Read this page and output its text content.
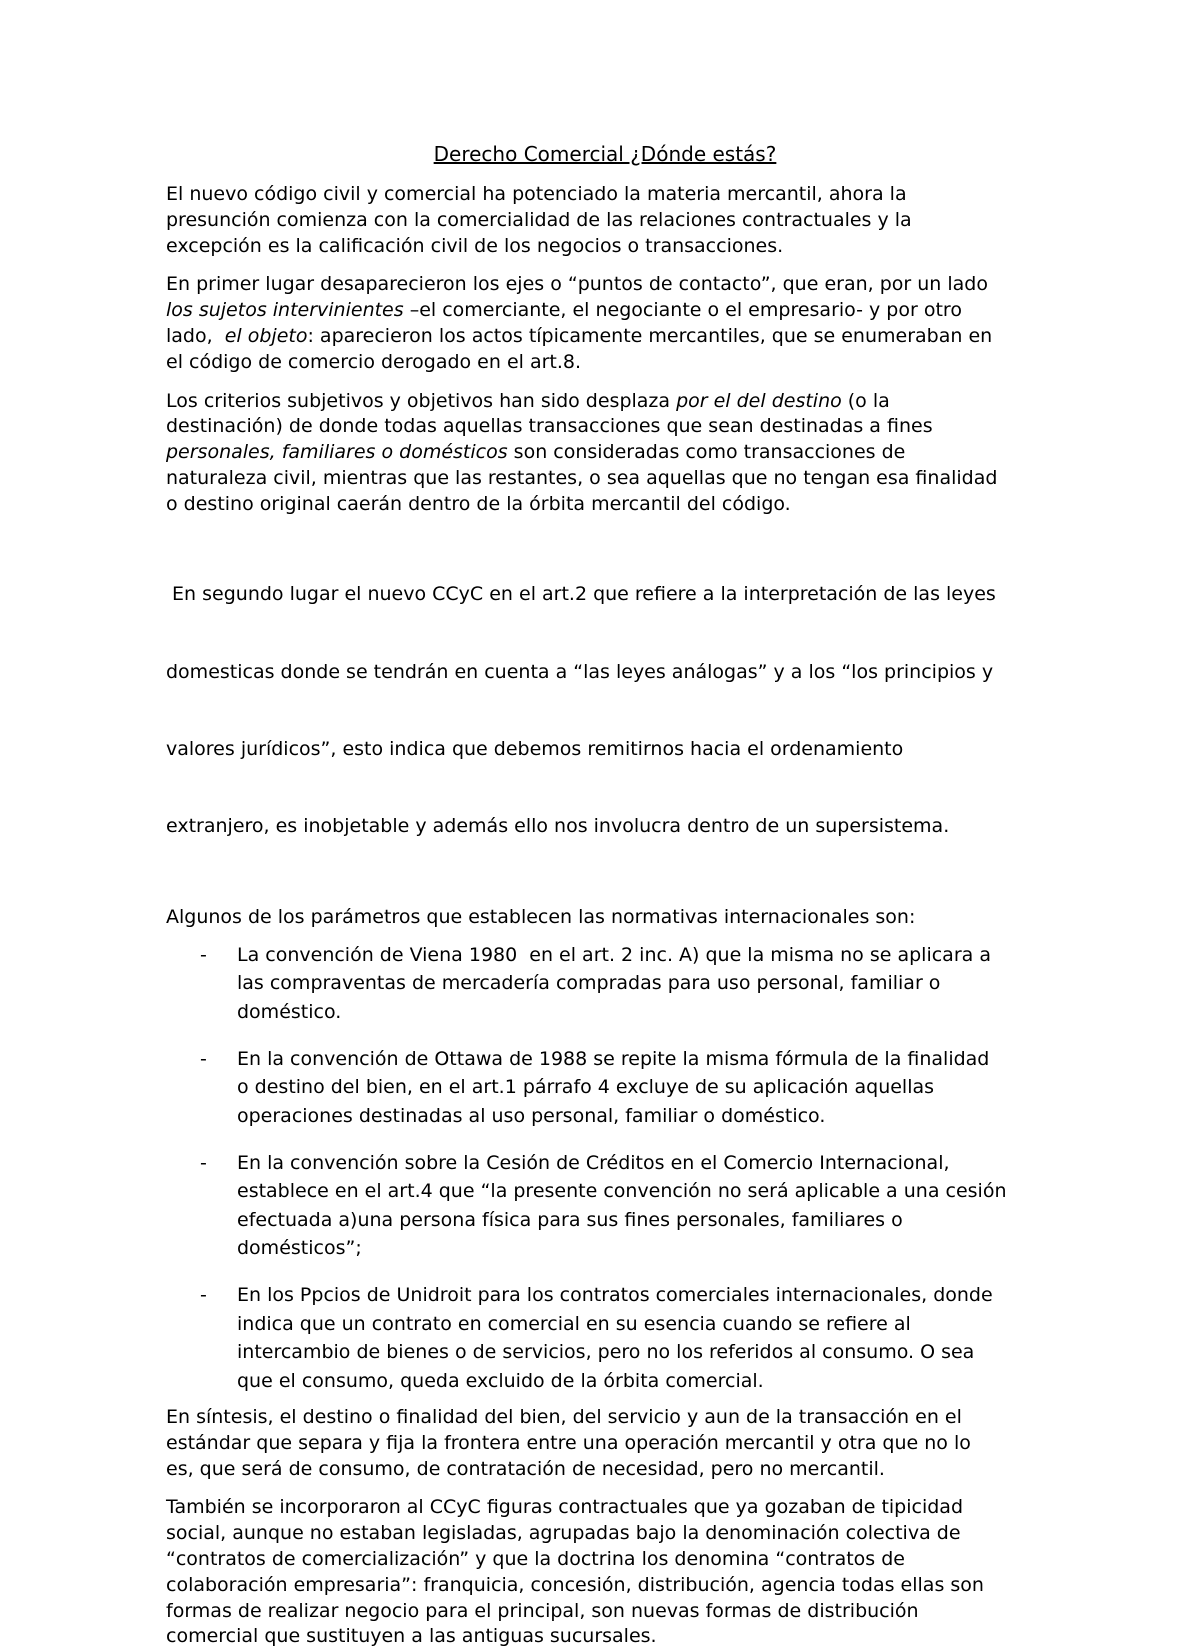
Derecho Comercial ¿Dónde estás?
El nuevo código civil y comercial ha potenciado la materia mercantil, ahora la
presunción comienza con la comercialidad de las relaciones contractuales y la
excepción es la calificación civil de los negocios o transacciones.
En primer lugar desaparecieron los ejes o “puntos de contacto”, que eran, por un lado
los sujetos intervinientes –el comerciante, el negociante o el empresario- y por otro
lado,  el objeto: aparecieron los actos típicamente mercantiles, que se enumeraban en
el código de comercio derogado en el art.8.
Los criterios subjetivos y objetivos han sido desplaza por el del destino (o la
destinación) de donde todas aquellas transacciones que sean destinadas a fines
personales, familiares o domésticos son consideradas como transacciones de
naturaleza civil, mientras que las restantes, o sea aquellas que no tengan esa finalidad
o destino original caerán dentro de la órbita mercantil del código.

En segundo lugar el nuevo CCyC en el art.2 que refiere a la interpretación de las leyes

domesticas donde se tendrán en cuenta a “las leyes análogas” y a los “los principios y

valores jurídicos”, esto indica que debemos remitirnos hacia el ordenamiento

extranjero, es inobjetable y además ello nos involucra dentro de un supersistema.

Algunos de los parámetros que establecen las normativas internacionales son:
- La convención de Viena 1980  en el art. 2 inc. A) que la misma no se aplicara a
las compraventas de mercadería compradas para uso personal, familiar o
doméstico.
- En la convención de Ottawa de 1988 se repite la misma fórmula de la finalidad
o destino del bien, en el art.1 párrafo 4 excluye de su aplicación aquellas
operaciones destinadas al uso personal, familiar o doméstico.
- En la convención sobre la Cesión de Créditos en el Comercio Internacional,
establece en el art.4 que “la presente convención no será aplicable a una cesión
efectuada a)una persona física para sus fines personales, familiares o
domésticos”;
- En los Ppcios de Unidroit para los contratos comerciales internacionales, donde
indica que un contrato en comercial en su esencia cuando se refiere al
intercambio de bienes o de servicios, pero no los referidos al consumo. O sea
que el consumo, queda excluido de la órbita comercial.
En síntesis, el destino o finalidad del bien, del servicio y aun de la transacción en el
estándar que separa y fija la frontera entre una operación mercantil y otra que no lo
es, que será de consumo, de contratación de necesidad, pero no mercantil.
También se incorporaron al CCyC figuras contractuales que ya gozaban de tipicidad
social, aunque no estaban legisladas, agrupadas bajo la denominación colectiva de
“contratos de comercialización” y que la doctrina los denomina “contratos de
colaboración empresaria”: franquicia, concesión, distribución, agencia todas ellas son
formas de realizar negocio para el principal, son nuevas formas de distribución
comercial que sustituyen a las antiguas sucursales.
